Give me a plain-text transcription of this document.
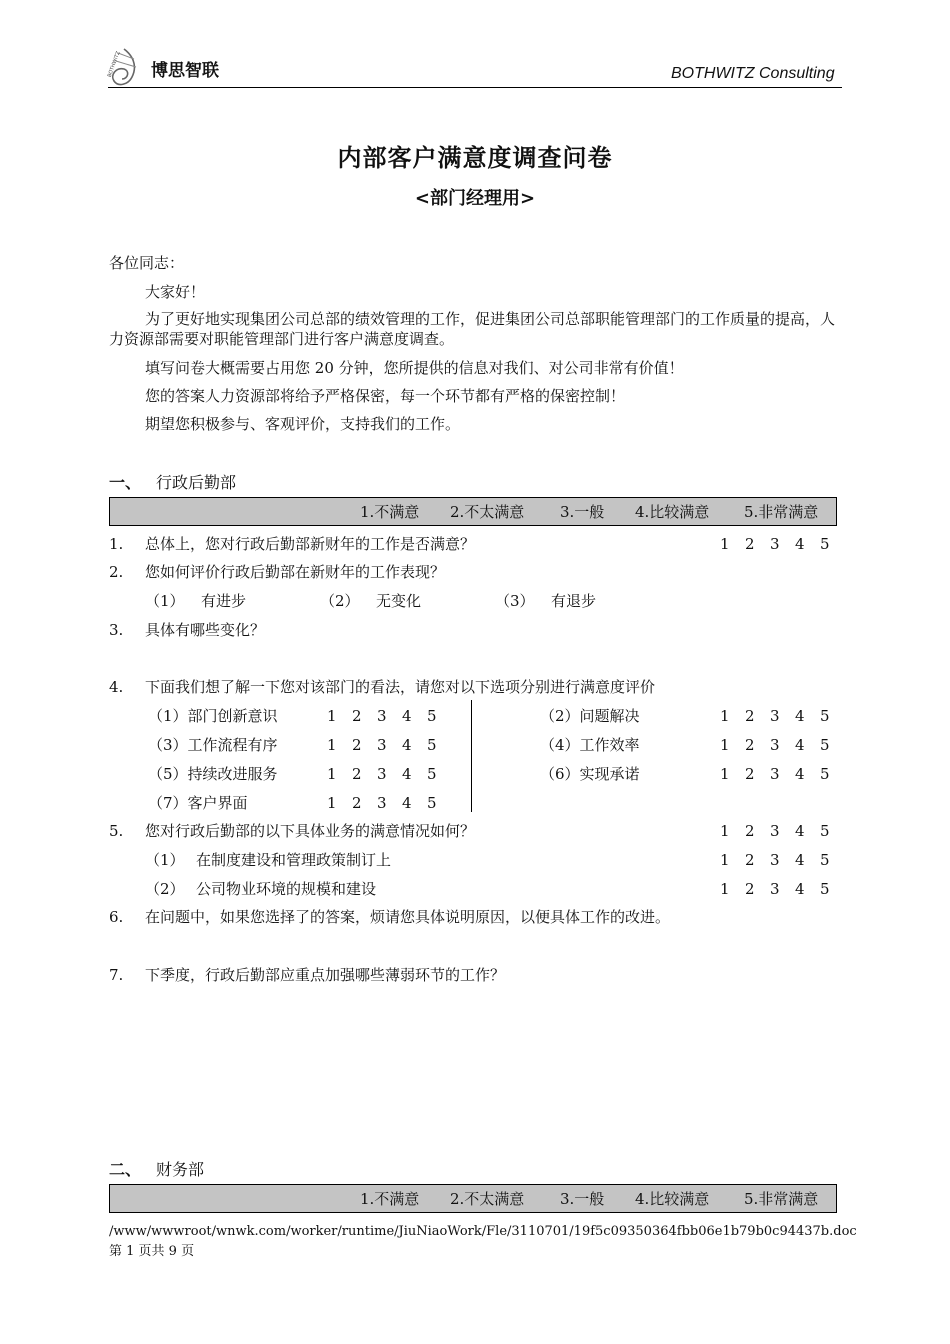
BOTHWITZ 博思智联	BOTHWITZ Consulting
内部客户满意度调查问卷
<部门经理用>
各位同志：
大家好！
为了更好地实现集团公司总部的绩效管理的工作，促进集团公司总部职能管理部门的工作质量的提高，人力资源部需要对职能管理部门进行客户满意度调查。
填写问卷大概需要占用您 20 分钟，您所提供的信息对我们、对公司非常有价值！
您的答案人力资源部将给予严格保密，每一个环节都有严格的保密控制！
期望您积极参与、客观评价，支持我们的工作。
一、 行政后勤部
1.不满意 2.不太满意 3.一般 4.比较满意 5.非常满意
1. 总体上，您对行政后勤部新财年的工作是否满意？	1 2 3 4 5
2. 您如何评价行政后勤部在新财年的工作表现？
（1） 有进步	（2） 无变化	（3） 有退步
3. 具体有哪些变化？
4. 下面我们想了解一下您对该部门的看法，请您对以下选项分别进行满意度评价
（1）部门创新意识	1 2 3 4 5	（2）问题解决	1 2 3 4 5
（3）工作流程有序	1 2 3 4 5	（4）工作效率	1 2 3 4 5
（5）持续改进服务	1 2 3 4 5	（6）实现承诺	1 2 3 4 5
（7）客户界面	1 2 3 4 5
5. 您对行政后勤部的以下具体业务的满意情况如何？	1 2 3 4 5
（1） 在制度建设和管理政策制订上	1 2 3 4 5
（2） 公司物业环境的规模和建设	1 2 3 4 5
6. 在问题中，如果您选择了的答案，烦请您具体说明原因，以便具体工作的改进。
7. 下季度，行政后勤部应重点加强哪些薄弱环节的工作？
二、 财务部
1.不满意 2.不太满意 3.一般 4.比较满意 5.非常满意
/www/wwwroot/wnwk.com/worker/runtime/JiuNiaoWork/Fle/3110701/19f5c09350364fbb06e1b79b0c94437b.doc第 1 页共 9 页
